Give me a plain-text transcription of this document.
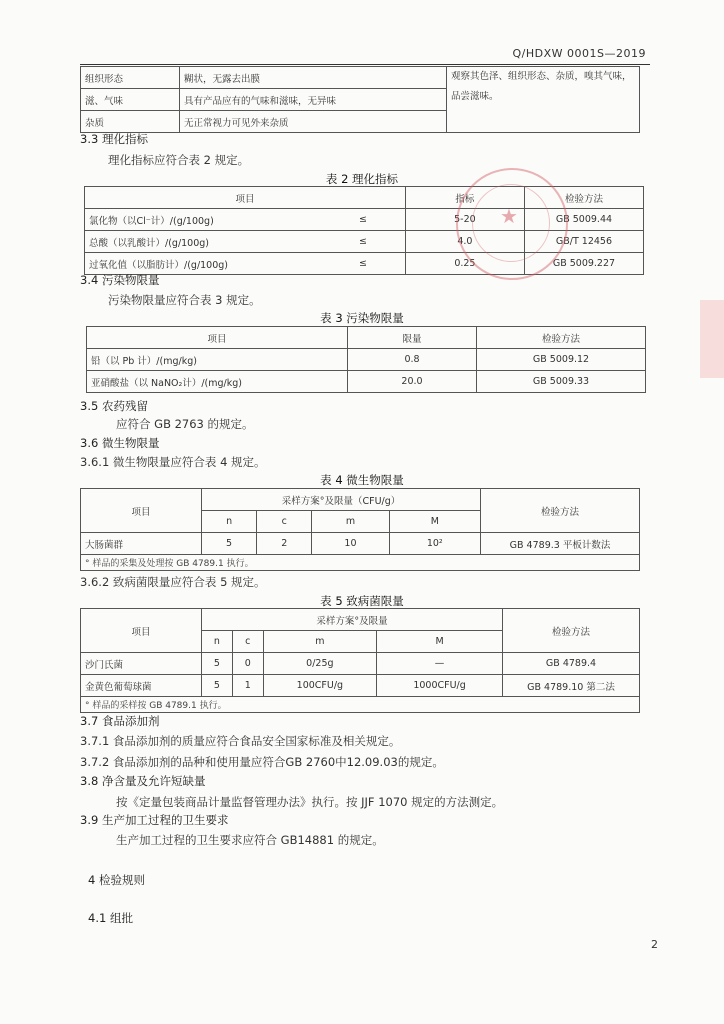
Q/HDXW 0001S—2019
组织形态	糊状，无露去出膜	观察其色泽、组织形态、杂质，嗅其气味，品尝滋味。
滋、气味	具有产品应有的气味和滋味，无异味	
杂质	无正常视力可见外来杂质	
3.3 理化指标
理化指标应符合表 2 规定。
表 2 理化指标
项目		指标	检验方法
氯化物（以Cl⁻计）/(g/100g)	≤	5-20	GB 5009.44
总酸（以乳酸计）/(g/100g)	≤	4.0	GB/T 12456
过氧化值（以脂肪计）/(g/100g)	≤	0.25	GB 5009.227
3.4 污染物限量
污染物限量应符合表 3 规定。
表 3 污染物限量
项目	限量	检验方法
铅（以 Pb 计）/(mg/kg)	0.8	GB 5009.12
亚硝酸盐（以 NaNO₂计）/(mg/kg)	20.0	GB 5009.33
3.5 农药残留
应符合 GB 2763 的规定。
3.6 微生物限量
3.6.1 微生物限量应符合表 4 规定。
表 4 微生物限量
项目	采样方案°及限量（CFU/g）				检验方法
	n	c	m	M	
大肠菌群	5	2	10	10²	GB 4789.3 平板计数法
° 样品的采集及处理按 GB 4789.1 执行。					
3.6.2 致病菌限量应符合表 5 规定。
表 5 致病菌限量
项目	采样方案°及限量				检验方法
	n	c	m	M	
沙门氏菌	5	0	0/25g	—	GB 4789.4
金黄色葡萄球菌	5	1	100CFU/g	1000CFU/g	GB 4789.10 第二法
° 样品的采样按 GB 4789.1 执行。					
3.7 食品添加剂
3.7.1 食品添加剂的质量应符合食品安全国家标准及相关规定。
3.7.2 食品添加剂的品种和使用量应符合GB 2760中12.09.03的规定。
3.8 净含量及允许短缺量
按《定量包装商品计量监督管理办法》执行。按 JJF 1070 规定的方法测定。
3.9 生产加工过程的卫生要求
生产加工过程的卫生要求应符合 GB14881 的规定。
4 检验规则
4.1 组批
2
★
